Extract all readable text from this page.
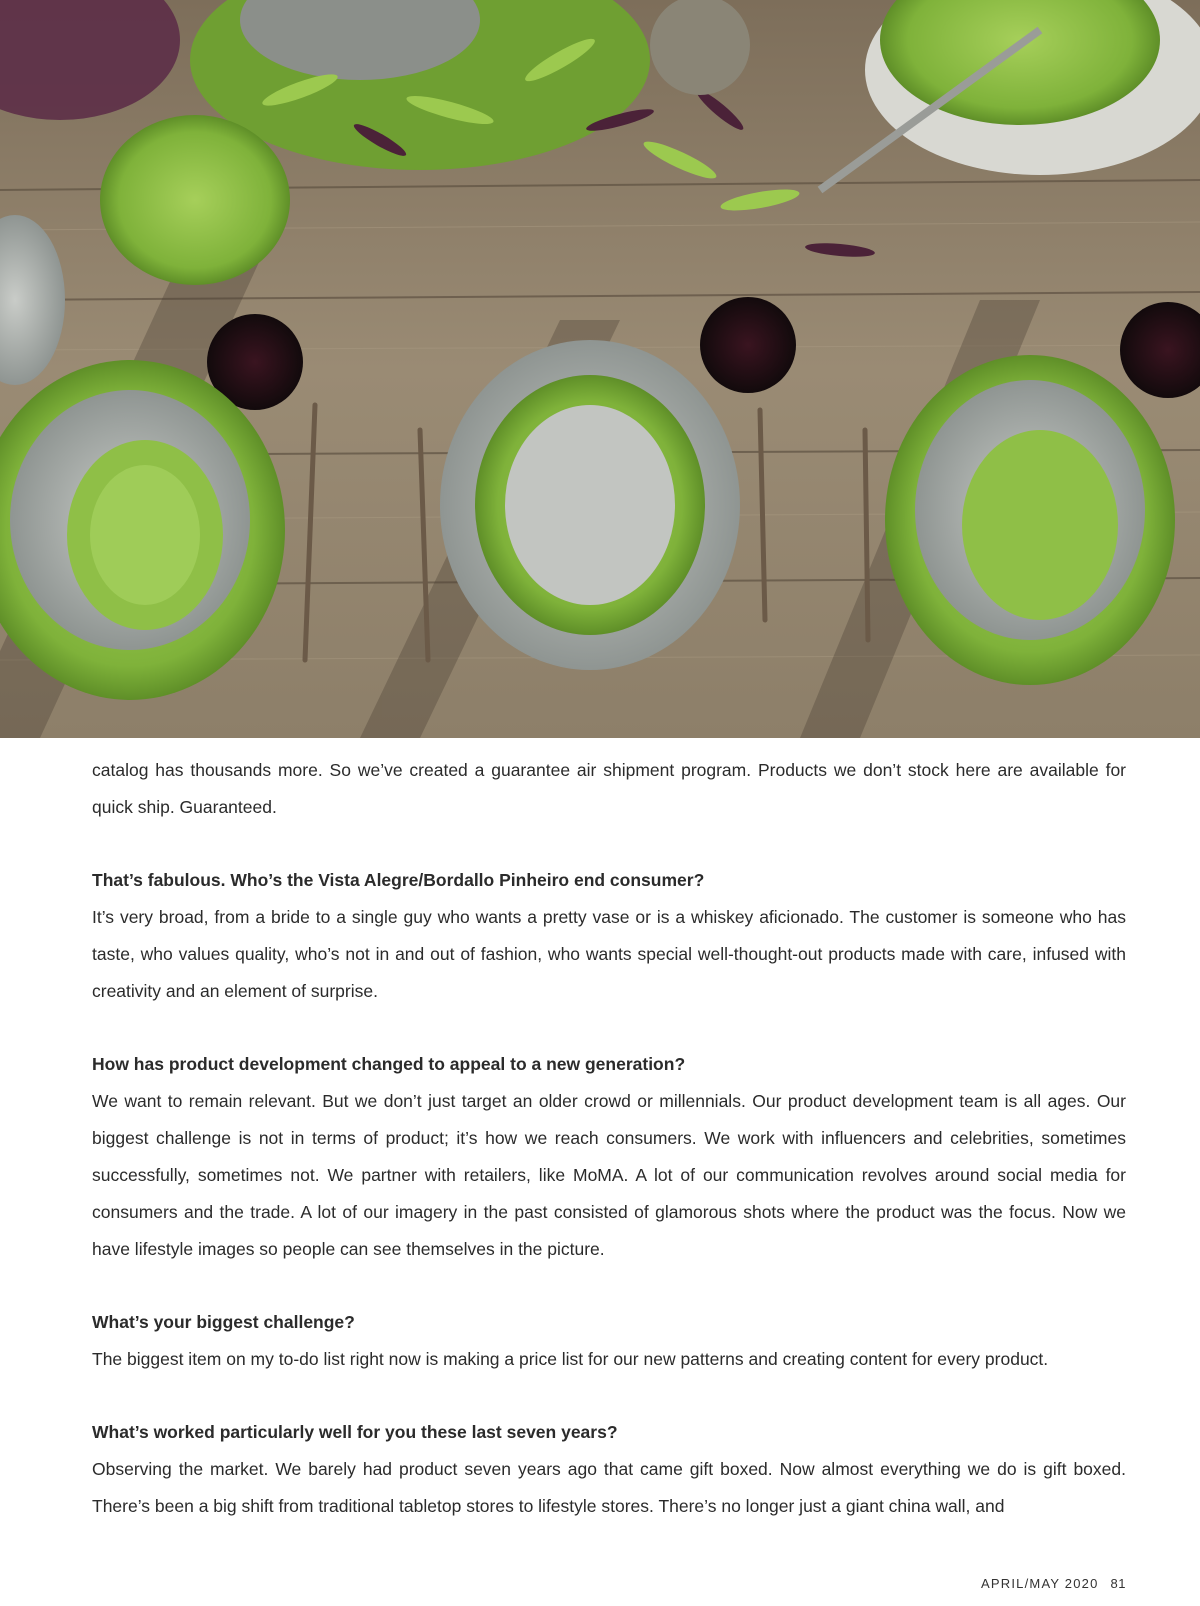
catalog has thousands more. So we’ve created a guarantee air shipment program. Products we don’t stock here are available for quick ship. Guaranteed.

That’s fabulous. Who’s the Vista Alegre/Bordallo Pinheiro end consumer?

It’s very broad, from a bride to a single guy who wants a pretty vase or is a whiskey aficionado. The customer is someone who has taste, who values quality, who’s not in and out of fashion, who wants special well-thought-out products made with care, infused with creativity and an element of surprise.

How has product development changed to appeal to a new generation?

We want to remain relevant. But we don’t just target an older crowd or millennials. Our product development team is all ages. Our biggest challenge is not in terms of product; it’s how we reach consumers. We work with influencers and celebrities, sometimes successfully, sometimes not. We partner with retailers, like MoMA. A lot of our communication revolves around social media for consumers and the trade. A lot of our imagery in the past consisted of glamorous shots where the product was the focus. Now we have lifestyle images so people can see themselves in the picture.

What’s your biggest challenge?

The biggest item on my to-do list right now is making a price list for our new patterns and creating content for every product.

What’s worked particularly well for you these last seven years?

Observing the market. We barely had product seven years ago that came gift boxed. Now almost everything we do is gift boxed. There’s been a big shift from traditional tabletop stores to lifestyle stores. There’s no longer just a giant china wall, and

APRIL/MAY 2020 81
